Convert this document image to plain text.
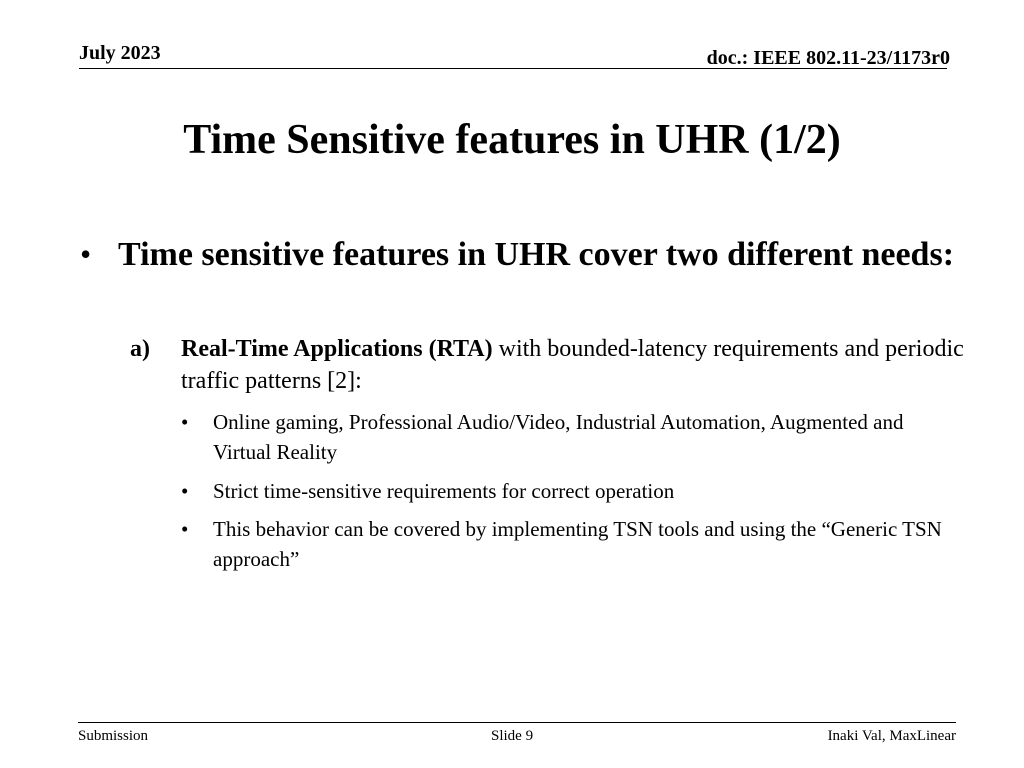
July 2023	doc.: IEEE 802.11-23/1173r0
Time Sensitive features in UHR (1/2)
• Time sensitive features in UHR cover two different needs:
a) Real-Time Applications (RTA) with bounded-latency requirements and periodic traffic patterns [2]:
• Online gaming, Professional Audio/Video, Industrial Automation, Augmented and Virtual Reality
• Strict time-sensitive requirements for correct operation
• This behavior can be covered by implementing TSN tools and using the “Generic TSN approach”
Submission	Slide 9	Inaki Val, MaxLinear
